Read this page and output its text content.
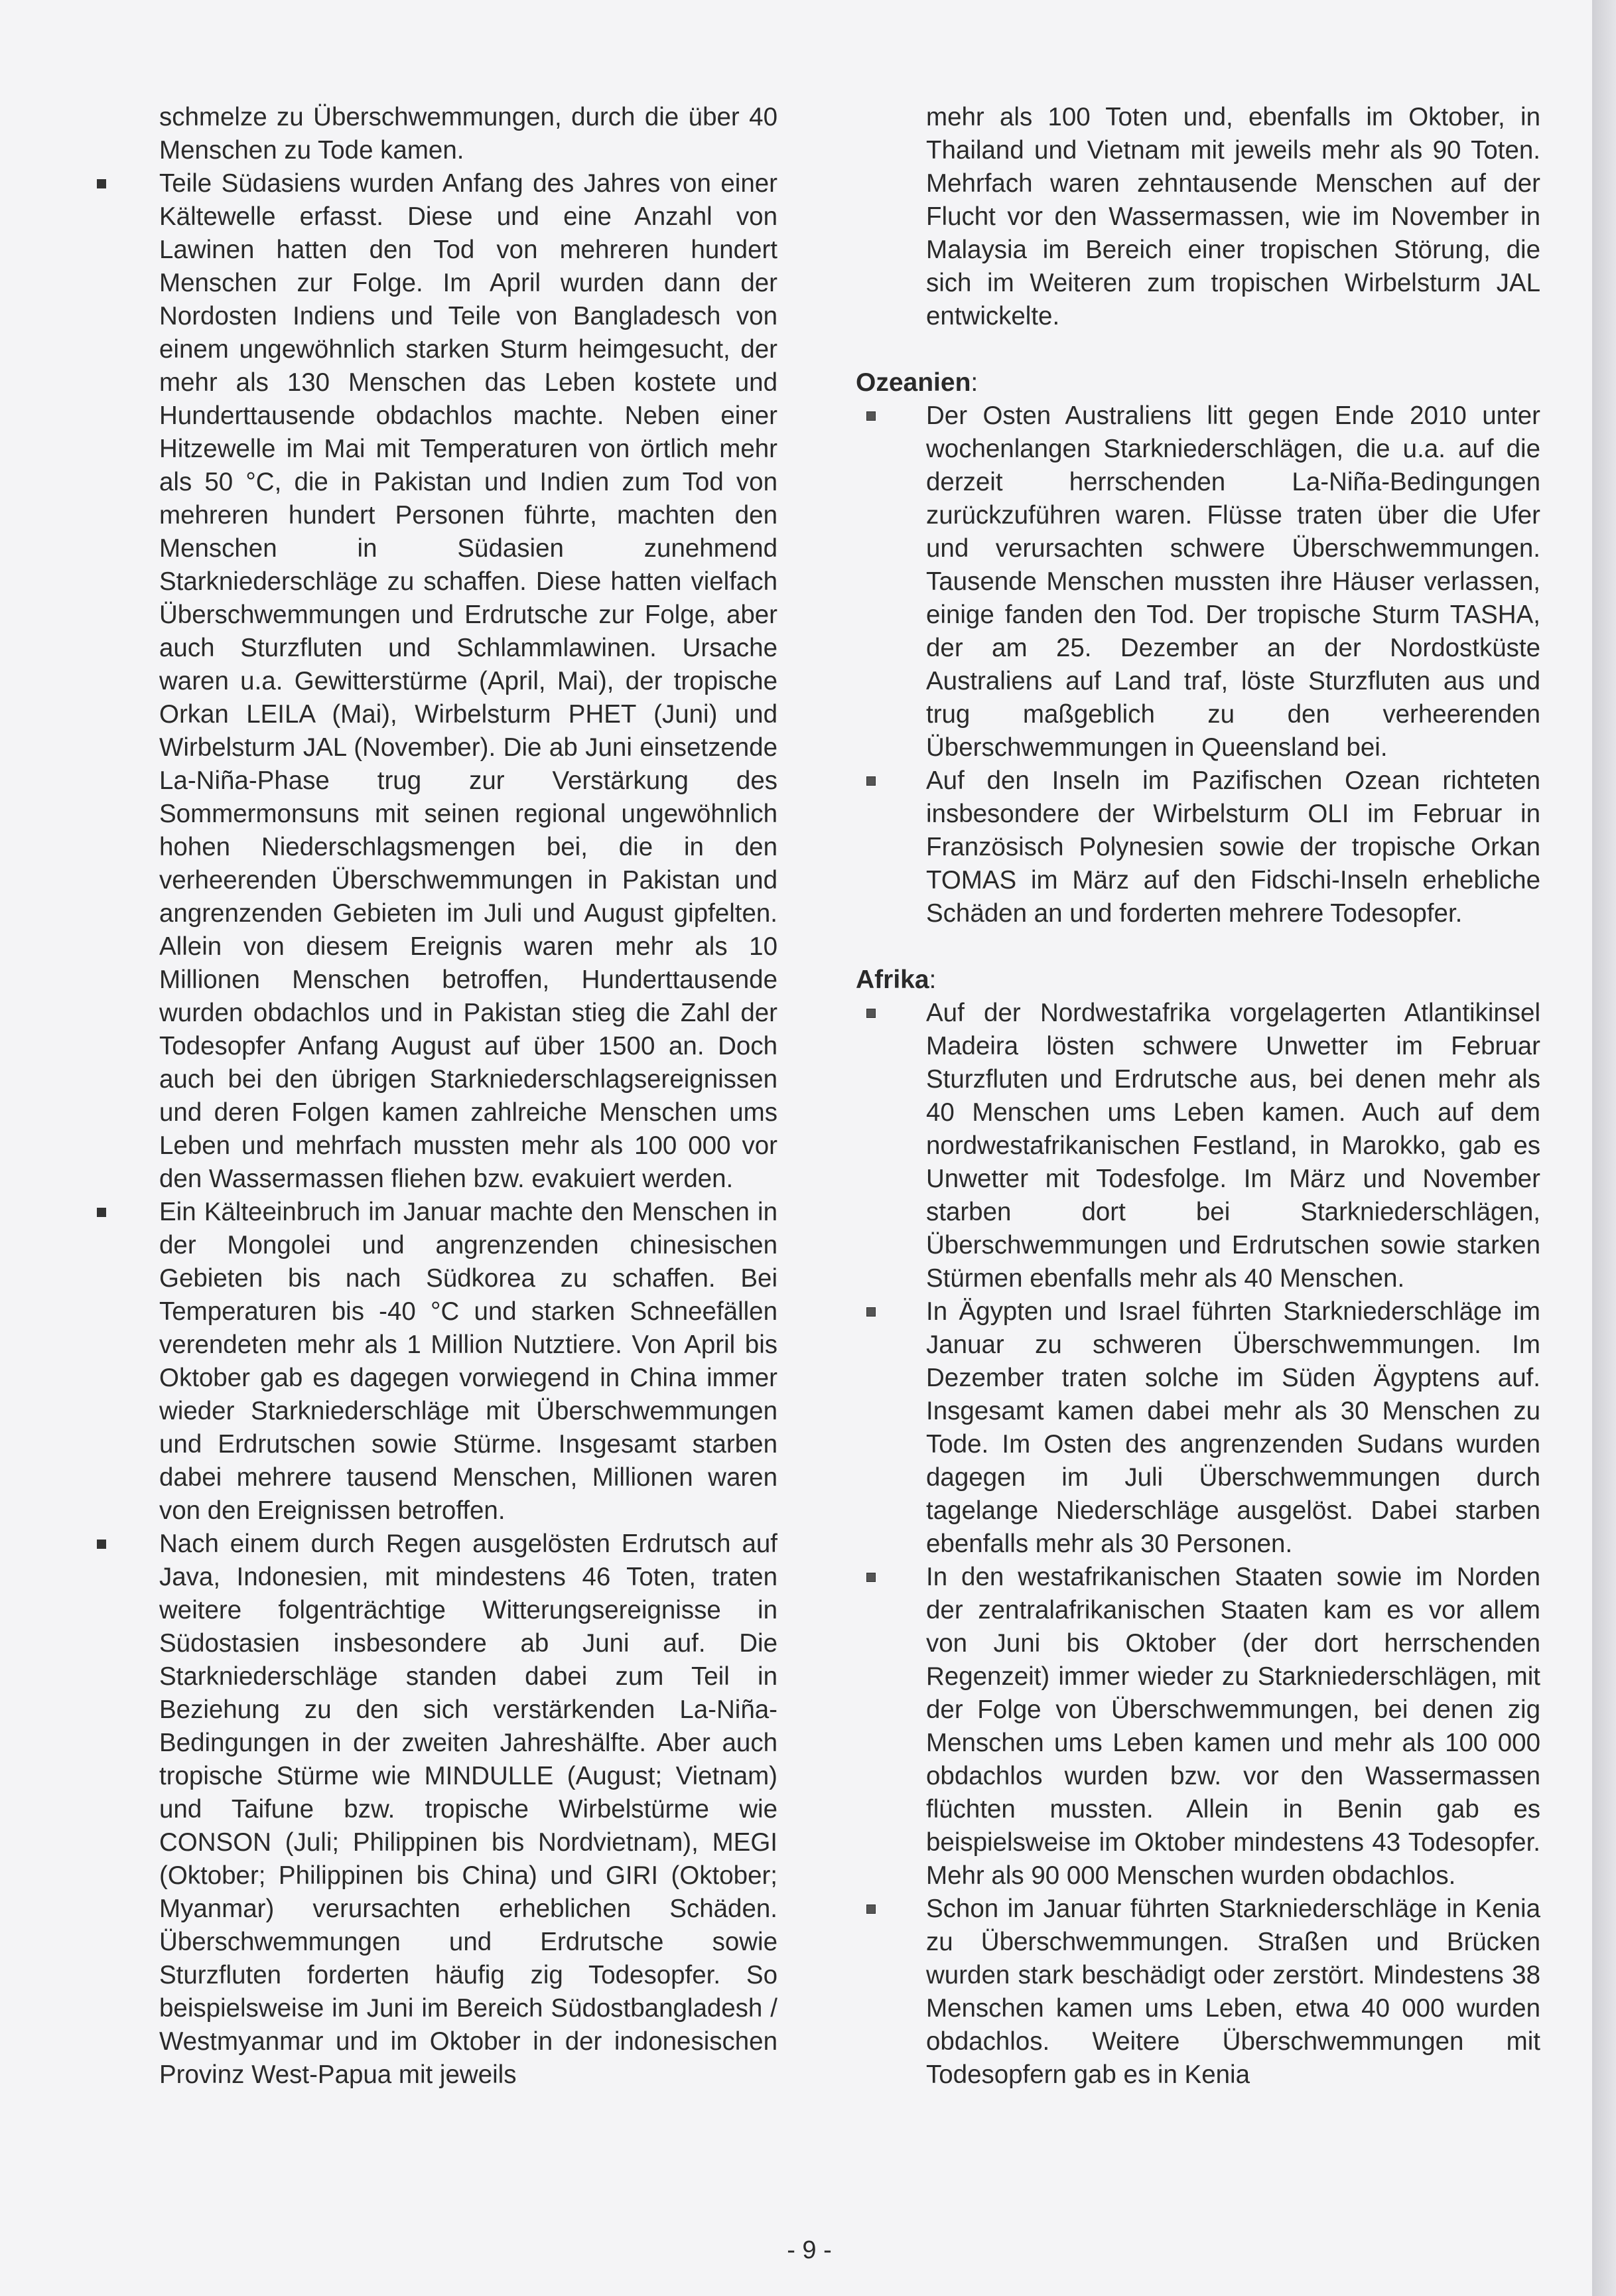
schmelze zu Überschwemmungen, durch die über 40 Menschen zu Tode kamen.

Teile Südasiens wurden Anfang des Jahres von einer Kältewelle erfasst. Diese und eine Anzahl von Lawinen hatten den Tod von mehreren hundert Menschen zur Folge. Im April wurden dann der Nordosten Indiens und Teile von Bangladesch von einem ungewöhnlich starken Sturm heimgesucht, der mehr als 130 Menschen das Leben kostete und Hunderttausende obdachlos machte. Neben einer Hitzewelle im Mai mit Temperaturen von örtlich mehr als 50 °C, die in Pakistan und Indien zum Tod von mehreren hundert Personen führte, machten den Menschen in Südasien zunehmend Starkniederschläge zu schaffen. Diese hatten vielfach Überschwemmungen und Erdrutsche zur Folge, aber auch Sturzfluten und Schlammlawinen. Ursache waren u.a. Gewitterstürme (April, Mai), der tropische Orkan LEILA (Mai), Wirbelsturm PHET (Juni) und Wirbelsturm JAL (November). Die ab Juni einsetzende La-Niña-Phase trug zur Verstärkung des Sommermonsuns mit seinen regional ungewöhnlich hohen Niederschlagsmengen bei, die in den verheerenden Überschwemmungen in Pakistan und angrenzenden Gebieten im Juli und August gipfelten. Allein von diesem Ereignis waren mehr als 10 Millionen Menschen betroffen, Hunderttausende wurden obdachlos und in Pakistan stieg die Zahl der Todesopfer Anfang August auf über 1500 an. Doch auch bei den übrigen Starkniederschlagsereignissen und deren Folgen kamen zahlreiche Menschen ums Leben und mehrfach mussten mehr als 100 000 vor den Wassermassen fliehen bzw. evakuiert werden.
Ein Kälteeinbruch im Januar machte den Menschen in der Mongolei und angrenzenden chinesischen Gebieten bis nach Südkorea zu schaffen. Bei Temperaturen bis -40 °C und starken Schneefällen verendeten mehr als 1 Million Nutztiere. Von April bis Oktober gab es dagegen vorwiegend in China immer wieder Starkniederschläge mit Überschwemmungen und Erdrutschen sowie Stürme. Insgesamt starben dabei mehrere tausend Menschen, Millionen waren von den Ereignissen betroffen.
Nach einem durch Regen ausgelösten Erdrutsch auf Java, Indonesien, mit mindestens 46 Toten, traten weitere folgenträchtige Witterungsereignisse in Südostasien insbesondere ab Juni auf. Die Starkniederschläge standen dabei zum Teil in Beziehung zu den sich verstärkenden La-Niña-Bedingungen in der zweiten Jahreshälfte. Aber auch tropische Stürme wie MINDULLE (August; Vietnam) und Taifune bzw. tropische Wirbelstürme wie CONSON (Juli; Philippinen bis Nordvietnam), MEGI (Oktober; Philippinen bis China) und GIRI (Oktober; Myanmar) verursachten erheblichen Schäden. Überschwemmungen und Erdrutsche sowie Sturzfluten forderten häufig zig Todesopfer. So beispielsweise im Juni im Bereich Südostbangladesh / Westmyanmar und im Oktober in der indonesischen Provinz West-Papua mit jeweils

mehr als 100 Toten und, ebenfalls im Oktober, in Thailand und Vietnam mit jeweils mehr als 90 Toten. Mehrfach waren zehntausende Menschen auf der Flucht vor den Wassermassen, wie im November in Malaysia im Bereich einer tropischen Störung, die sich im Weiteren zum tropischen Wirbelsturm JAL entwickelte.

Ozeanien:

Der Osten Australiens litt gegen Ende 2010 unter wochenlangen Starkniederschlägen, die u.a. auf die derzeit herrschenden La-Niña-Bedingungen zurückzuführen waren. Flüsse traten über die Ufer und verursachten schwere Überschwemmungen. Tausende Menschen mussten ihre Häuser verlassen, einige fanden den Tod. Der tropische Sturm TASHA, der am 25. Dezember an der Nordostküste Australiens auf Land traf, löste Sturzfluten aus und trug maßgeblich zu den verheerenden Überschwemmungen in Queensland bei.
Auf den Inseln im Pazifischen Ozean richteten insbesondere der Wirbelsturm OLI im Februar in Französisch Polynesien sowie der tropische Orkan TOMAS im März auf den Fidschi-Inseln erhebliche Schäden an und forderten mehrere Todesopfer.

Afrika:

Auf der Nordwestafrika vorgelagerten Atlantikinsel Madeira lösten schwere Unwetter im Februar Sturzfluten und Erdrutsche aus, bei denen mehr als 40 Menschen ums Leben kamen. Auch auf dem nordwestafrikanischen Festland, in Marokko, gab es Unwetter mit Todesfolge. Im März und November starben dort bei Starkniederschlägen, Überschwemmungen und Erdrutschen sowie starken Stürmen ebenfalls mehr als 40 Menschen.
In Ägypten und Israel führten Starkniederschläge im Januar zu schweren Überschwemmungen. Im Dezember traten solche im Süden Ägyptens auf. Insgesamt kamen dabei mehr als 30 Menschen zu Tode. Im Osten des angrenzenden Sudans wurden dagegen im Juli Überschwemmungen durch tagelange Niederschläge ausgelöst. Dabei starben ebenfalls mehr als 30 Personen.
In den westafrikanischen Staaten sowie im Norden der zentralafrikanischen Staaten kam es vor allem von Juni bis Oktober (der dort herrschenden Regenzeit) immer wieder zu Starkniederschlägen, mit der Folge von Überschwemmungen, bei denen zig Menschen ums Leben kamen und mehr als 100 000 obdachlos wurden bzw. vor den Wassermassen flüchten mussten. Allein in Benin gab es beispielsweise im Oktober mindestens 43 Todesopfer. Mehr als 90 000 Menschen wurden obdachlos.
Schon im Januar führten Starkniederschläge in Kenia zu Überschwemmungen. Straßen und Brücken wurden stark beschädigt oder zerstört. Mindestens 38 Menschen kamen ums Leben, etwa 40 000 wurden obdachlos. Weitere Überschwemmungen mit Todesopfern gab es in Kenia
- 9 -
